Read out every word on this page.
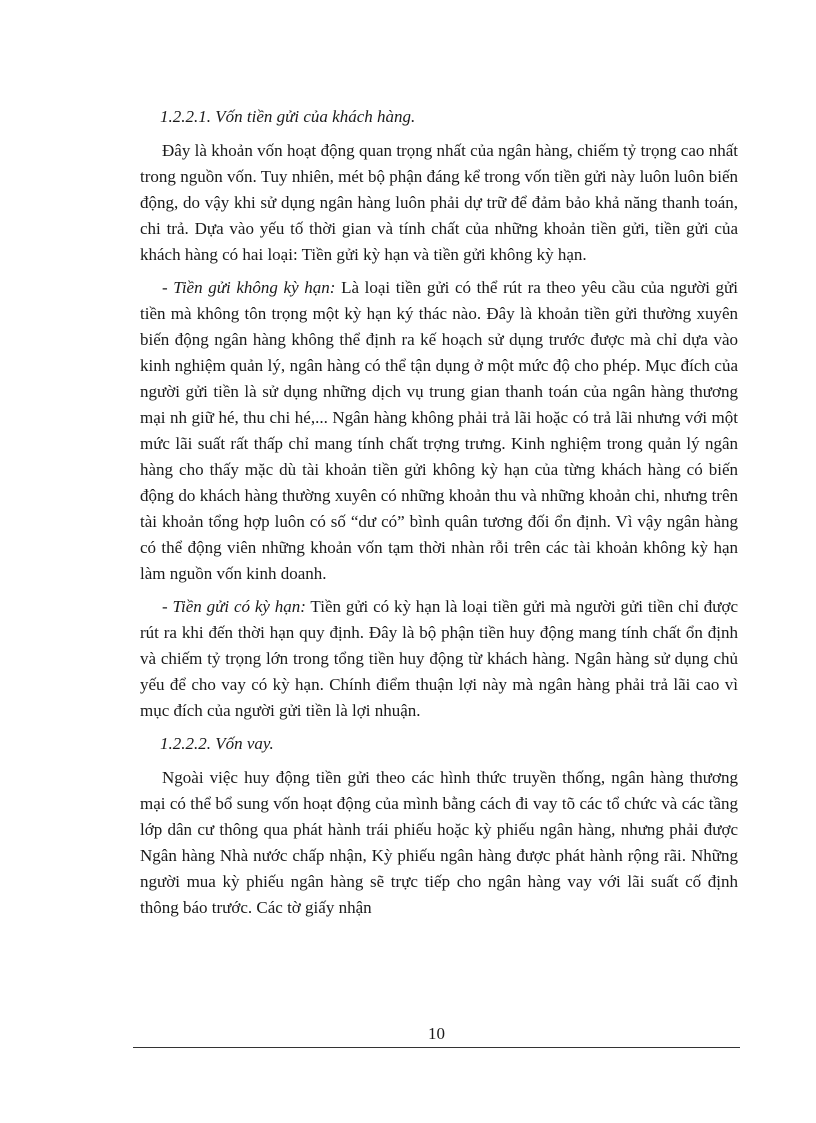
1.2.2.1. Vốn tiền gửi của khách hàng.

Đây là khoản vốn hoạt động quan trọng nhất của ngân hàng, chiếm tỷ trọng cao nhất trong nguồn vốn. Tuy nhiên, mét bộ phận đáng kể trong vốn tiền gửi này luôn luôn biến động, do vậy khi sử dụng ngân hàng luôn phải dự trữ để đảm bảo khả năng thanh toán, chi trả. Dựa vào yếu tố thời gian và tính chất của những khoản tiền gửi, tiền gửi của khách hàng có hai loại: Tiền gửi kỳ hạn và tiền gửi không kỳ hạn.

- Tiền gửi không kỳ hạn: Là loại tiền gửi có thể rút ra theo yêu cầu của người gửi tiền mà không tôn trọng một kỳ hạn ký thác nào. Đây là khoản tiền gửi thường xuyên biến động ngân hàng không thể định ra kế hoạch sử dụng trước được mà chỉ dựa vào kinh nghiệm quản lý, ngân hàng có thể tận dụng ở một mức độ cho phép. Mục đích của người gửi tiền là sử dụng những dịch vụ trung gian thanh toán của ngân hàng thương mại nh giữ hé, thu chi hé,... Ngân hàng không phải trả lãi hoặc có trả lãi nhưng với một mức lãi suất rất thấp chỉ mang tính chất trợng trưng. Kinh nghiệm trong quản lý ngân hàng cho thấy mặc dù tài khoản tiền gửi không kỳ hạn của từng khách hàng có biến động do khách hàng thường xuyên có những khoản thu và những khoản chi, nhưng trên tài khoản tổng hợp luôn có số “dư có” bình quân tương đối ổn định. Vì vậy ngân hàng có thể động viên những khoản vốn tạm thời nhàn rỗi trên các tài khoản không kỳ hạn làm nguồn vốn kinh doanh.

- Tiền gửi có kỳ hạn: Tiền gửi có kỳ hạn là loại tiền gửi mà người gửi tiền chỉ được rút ra khi đến thời hạn quy định. Đây là bộ phận tiền huy động mang tính chất ổn định và chiếm tỷ trọng lớn trong tổng tiền huy động từ khách hàng. Ngân hàng sử dụng chủ yếu để cho vay có kỳ hạn. Chính điểm thuận lợi này mà ngân hàng phải trả lãi cao vì mục đích của người gửi tiền là lợi nhuận.

1.2.2.2. Vốn vay.

Ngoài việc huy động tiền gửi theo các hình thức truyền thống, ngân hàng thương mại có thể bổ sung vốn hoạt động của mình bằng cách đi vay tõ các tổ chức và các tầng lớp dân cư thông qua phát hành trái phiếu hoặc kỳ phiếu ngân hàng, nhưng phải được Ngân hàng Nhà nước chấp nhận, Kỳ phiếu ngân hàng được phát hành rộng rãi. Những người mua kỳ phiếu ngân hàng sẽ trực tiếp cho ngân hàng vay với lãi suất cố định thông báo trước. Các tờ giấy nhận

10
